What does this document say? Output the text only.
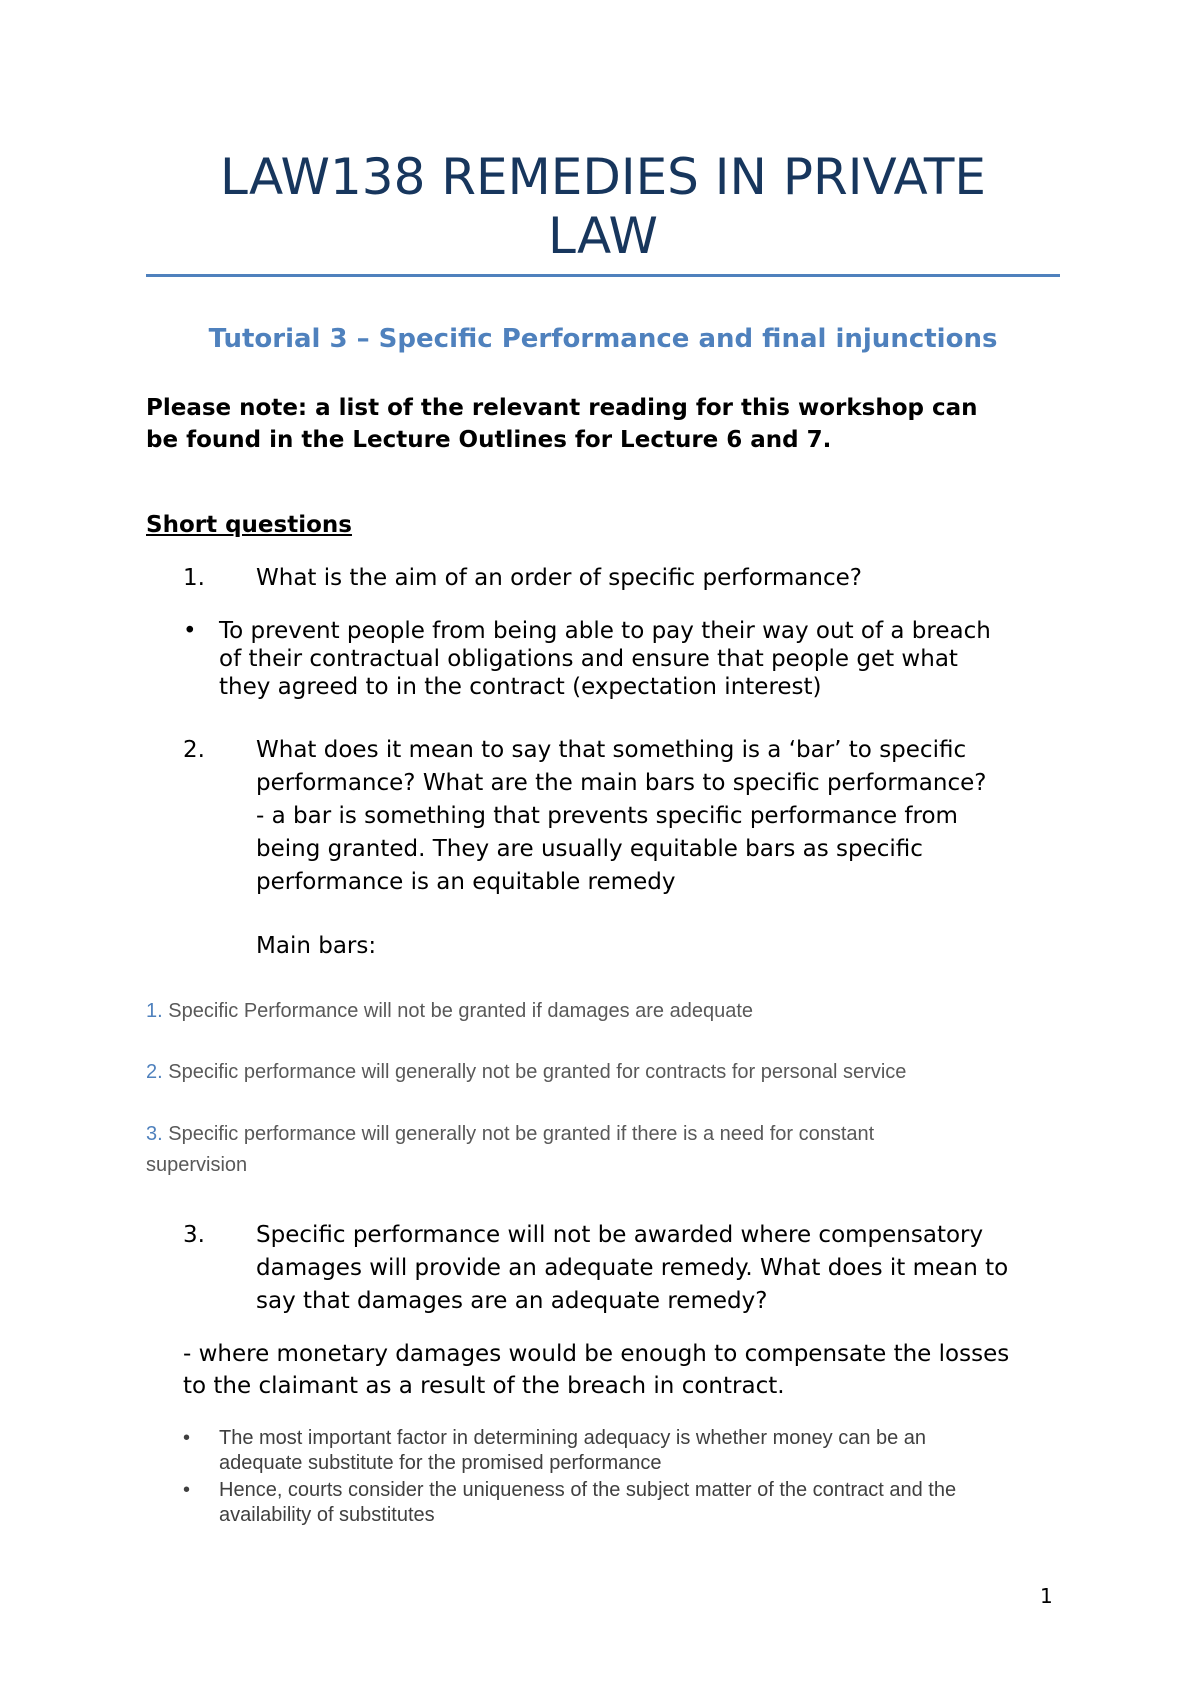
LAW138 REMEDIES IN PRIVATE
LAW
Tutorial 3 – Specific Performance and final injunctions

Please note: a list of the relevant reading for this workshop can

be found in the Lecture Outlines for Lecture 6 and 7.

Short questions

1. What is the aim of an order of specific performance?
• To prevent people from being able to pay their way out of a breach
of their contractual obligations and ensure that people get what
they agreed to in the contract (expectation interest)
2. What does it mean to say that something is a ‘bar’ to specific
performance? What are the main bars to specific performance?
- a bar is something that prevents specific performance from
being granted. They are usually equitable bars as specific
performance is an equitable remedy
Main bars:

1. Specific Performance will not be granted if damages are adequate

2. Specific performance will generally not be granted for contracts for personal service

3. Specific performance will generally not be granted if there is a need for constant

supervision

3. Specific performance will not be awarded where compensatory
damages will provide an adequate remedy. What does it mean to
say that damages are an adequate remedy?
- where monetary damages would be enough to compensate the losses
to the claimant as a result of the breach in contract.
• The most important factor in determining adequacy is whether money can be an
adequate substitute for the promised performance
• Hence, courts consider the uniqueness of the subject matter of the contract and the
availability of substitutes
1
